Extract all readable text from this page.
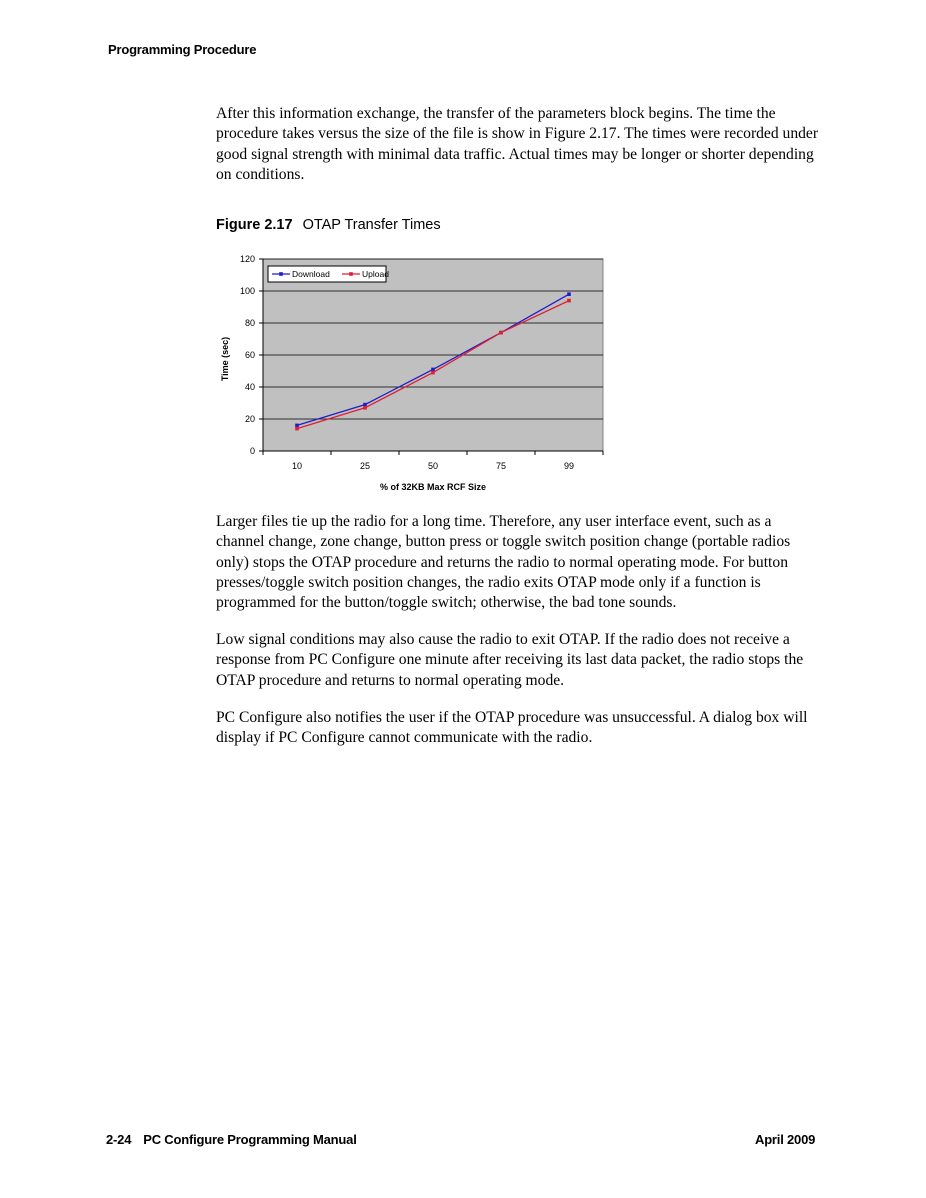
Programming Procedure
After this information exchange, the transfer of the parameters block begins. The time the procedure takes versus the size of the file is show in Figure 2.17. The times were recorded under good signal strength with minimal data traffic. Actual times may be longer or shorter depending on conditions.
Figure 2.17 OTAP Transfer Times
0
20
40
60
80
100
120
10	25	50	75	99
% of 32KB Max RCF Size
Time (sec)
Download	Upload
Larger files tie up the radio for a long time. Therefore, any user interface event, such as a channel change, zone change, button press or toggle switch position change (portable radios only) stops the OTAP procedure and returns the radio to normal operating mode. For button presses/toggle switch position changes, the radio exits OTAP mode only if a function is programmed for the button/toggle switch; otherwise, the bad tone sounds.
Low signal conditions may also cause the radio to exit OTAP. If the radio does not receive a response from PC Configure one minute after receiving its last data packet, the radio stops the OTAP procedure and returns to normal operating mode.
PC Configure also notifies the user if the OTAP procedure was unsuccessful. A dialog box will display if PC Configure cannot communicate with the radio.
2-24 PC Configure Programming Manual	April 2009
